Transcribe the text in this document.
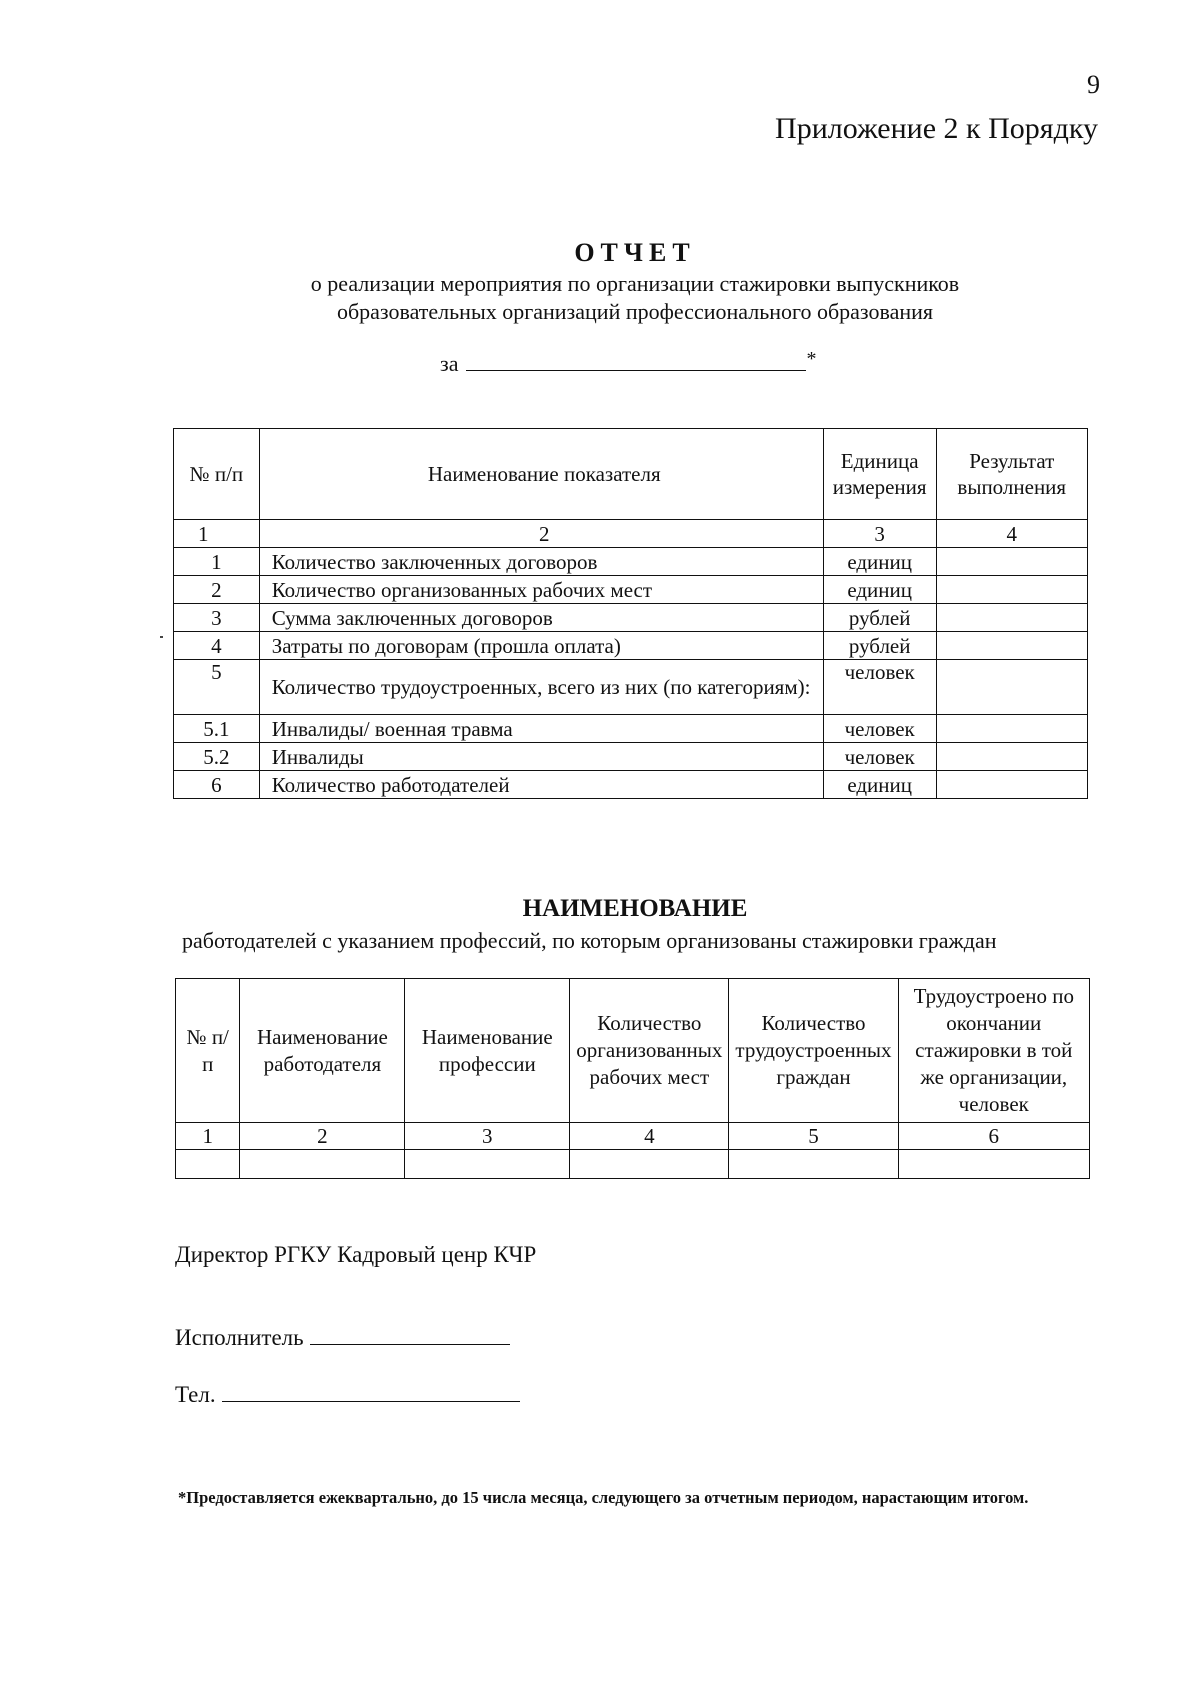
9
Приложение 2 к Порядку
ОТЧЕТ
о реализации мероприятия по организации стажировки выпускников
образовательных организаций профессионального образования
за	*
№ п/п	Наименование показателя	Единица измерения	Результат выполнения
1	2	3	4
1	Количество заключенных договоров	единиц	
2	Количество организованных рабочих мест	единиц	
3	Сумма заключенных договоров	рублей	
4	Затраты по договорам (прошла оплата)	рублей	
5	Количество трудоустроенных, всего из них (по категориям):	человек	
5.1	Инвалиды/ военная травма	человек	
5.2	Инвалиды	человек	
6	Количество работодателей	единиц	
НАИМЕНОВАНИЕ
работодателей с указанием профессий, по которым организованы стажировки граждан
№ п/п	Наименование работодателя	Наименование профессии	Количество организованных рабочих мест	Количество трудоустроенных граждан	Трудоустроено по окончании стажировки в той же организации, человек
1	2	3	4	5	6

Директор РГКУ Кадровый ценр КЧР
Исполнитель
Тел.
*Предоставляется ежеквартально, до 15 числа месяца, следующего за отчетным периодом, нарастающим итогом.
